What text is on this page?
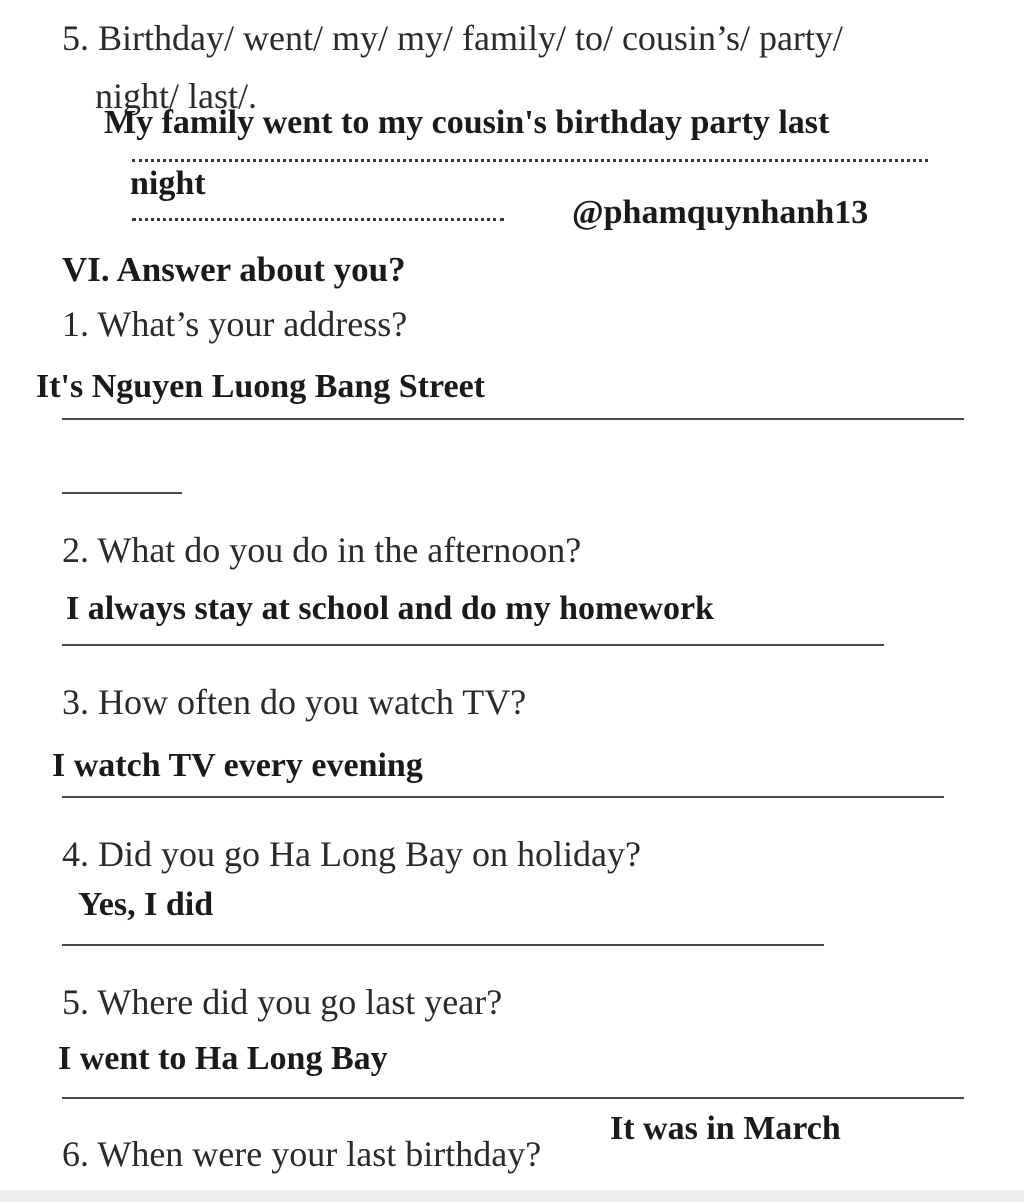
5. Birthday/ went/ my/ my/ family/ to/ cousin’s/ party/
night/ last/.
My family went to my cousin's birthday party last
night
@phamquynhanh13
VI. Answer about you?
1. What’s your address?
It's Nguyen Luong Bang Street
2. What do you do in the afternoon?
I always stay at school and do my homework
3. How often do you watch TV?
I watch TV every evening
4. Did you go Ha Long Bay on holiday?
Yes, I did
5. Where did you go last year?
I went to Ha Long Bay
6. When were your last birthday?
It was in March
